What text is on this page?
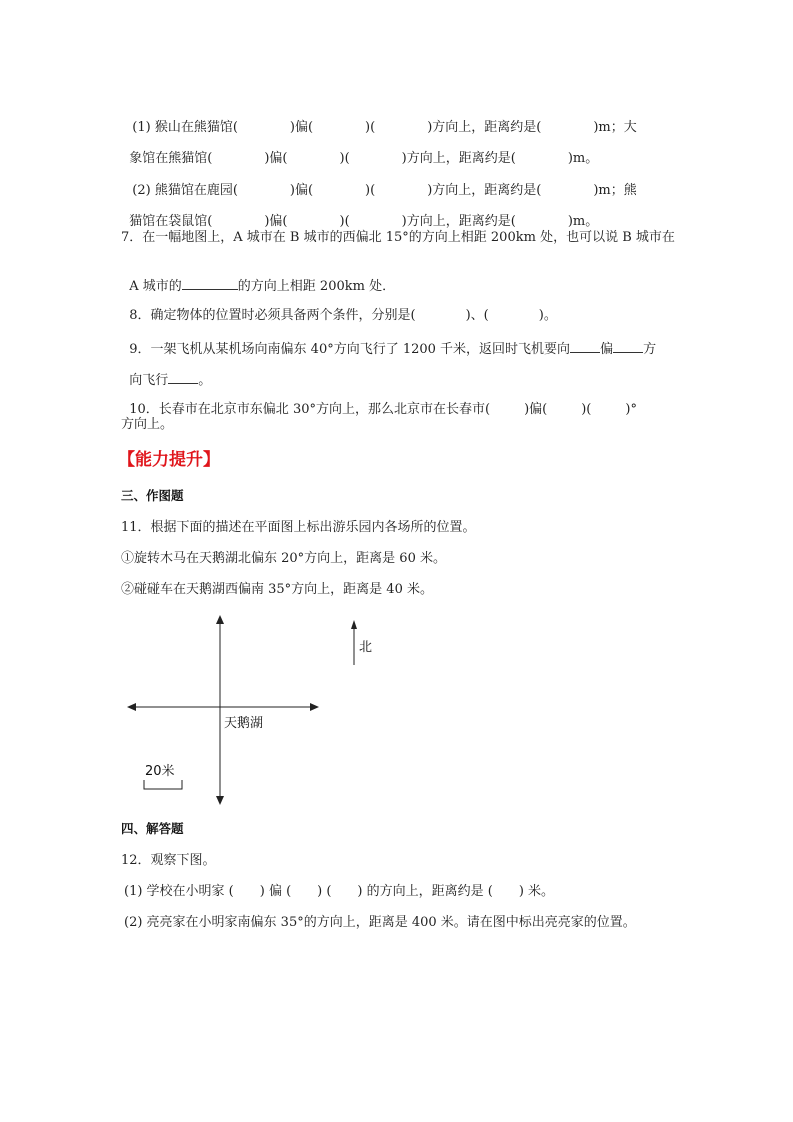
(1) 猴山在熊猫馆(	)偏(	)(	)方向上，距离约是(	)m；大

象馆在熊猫馆(	)偏(	)(	)方向上，距离约是(	)m。

(2) 熊猫馆在鹿园(	)偏(	)(	)方向上，距离约是(	)m；熊

猫馆在袋鼠馆(	)偏(	)(	)方向上，距离约是(	)m。

7．在一幅地图上，A 城市在 B 城市的西偏北 15°的方向上相距 200km 处，也可以说 B 城市在

A 城市的	的方向上相距 200km 处．

8．确定物体的位置时必须具备两个条件，分别是(	)、(	)。

9．一架飞机从某机场向南偏东 40°方向飞行了 1200 千米，返回时飞机要向 偏 方

向飞行 。

10．长春市在北京市东偏北 30°方向上，那么北京市在长春市(	)偏(	)(	)°

方向上。
【能力提升】
三、作图题
11．根据下面的描述在平面图上标出游乐园内各场所的位置。
①旋转木马在天鹅湖北偏东 20°方向上，距离是 60 米。
②碰碰车在天鹅湖西偏南 35°方向上，距离是 40 米。
天鹅湖
北
20米
四、解答题
12．观察下图。
(1) 学校在小明家 (　　) 偏 (　　) (　　) 的方向上，距离约是 (　　) 米。
(2) 亮亮家在小明家南偏东 35°的方向上，距离是 400 米。请在图中标出亮亮家的位置。
